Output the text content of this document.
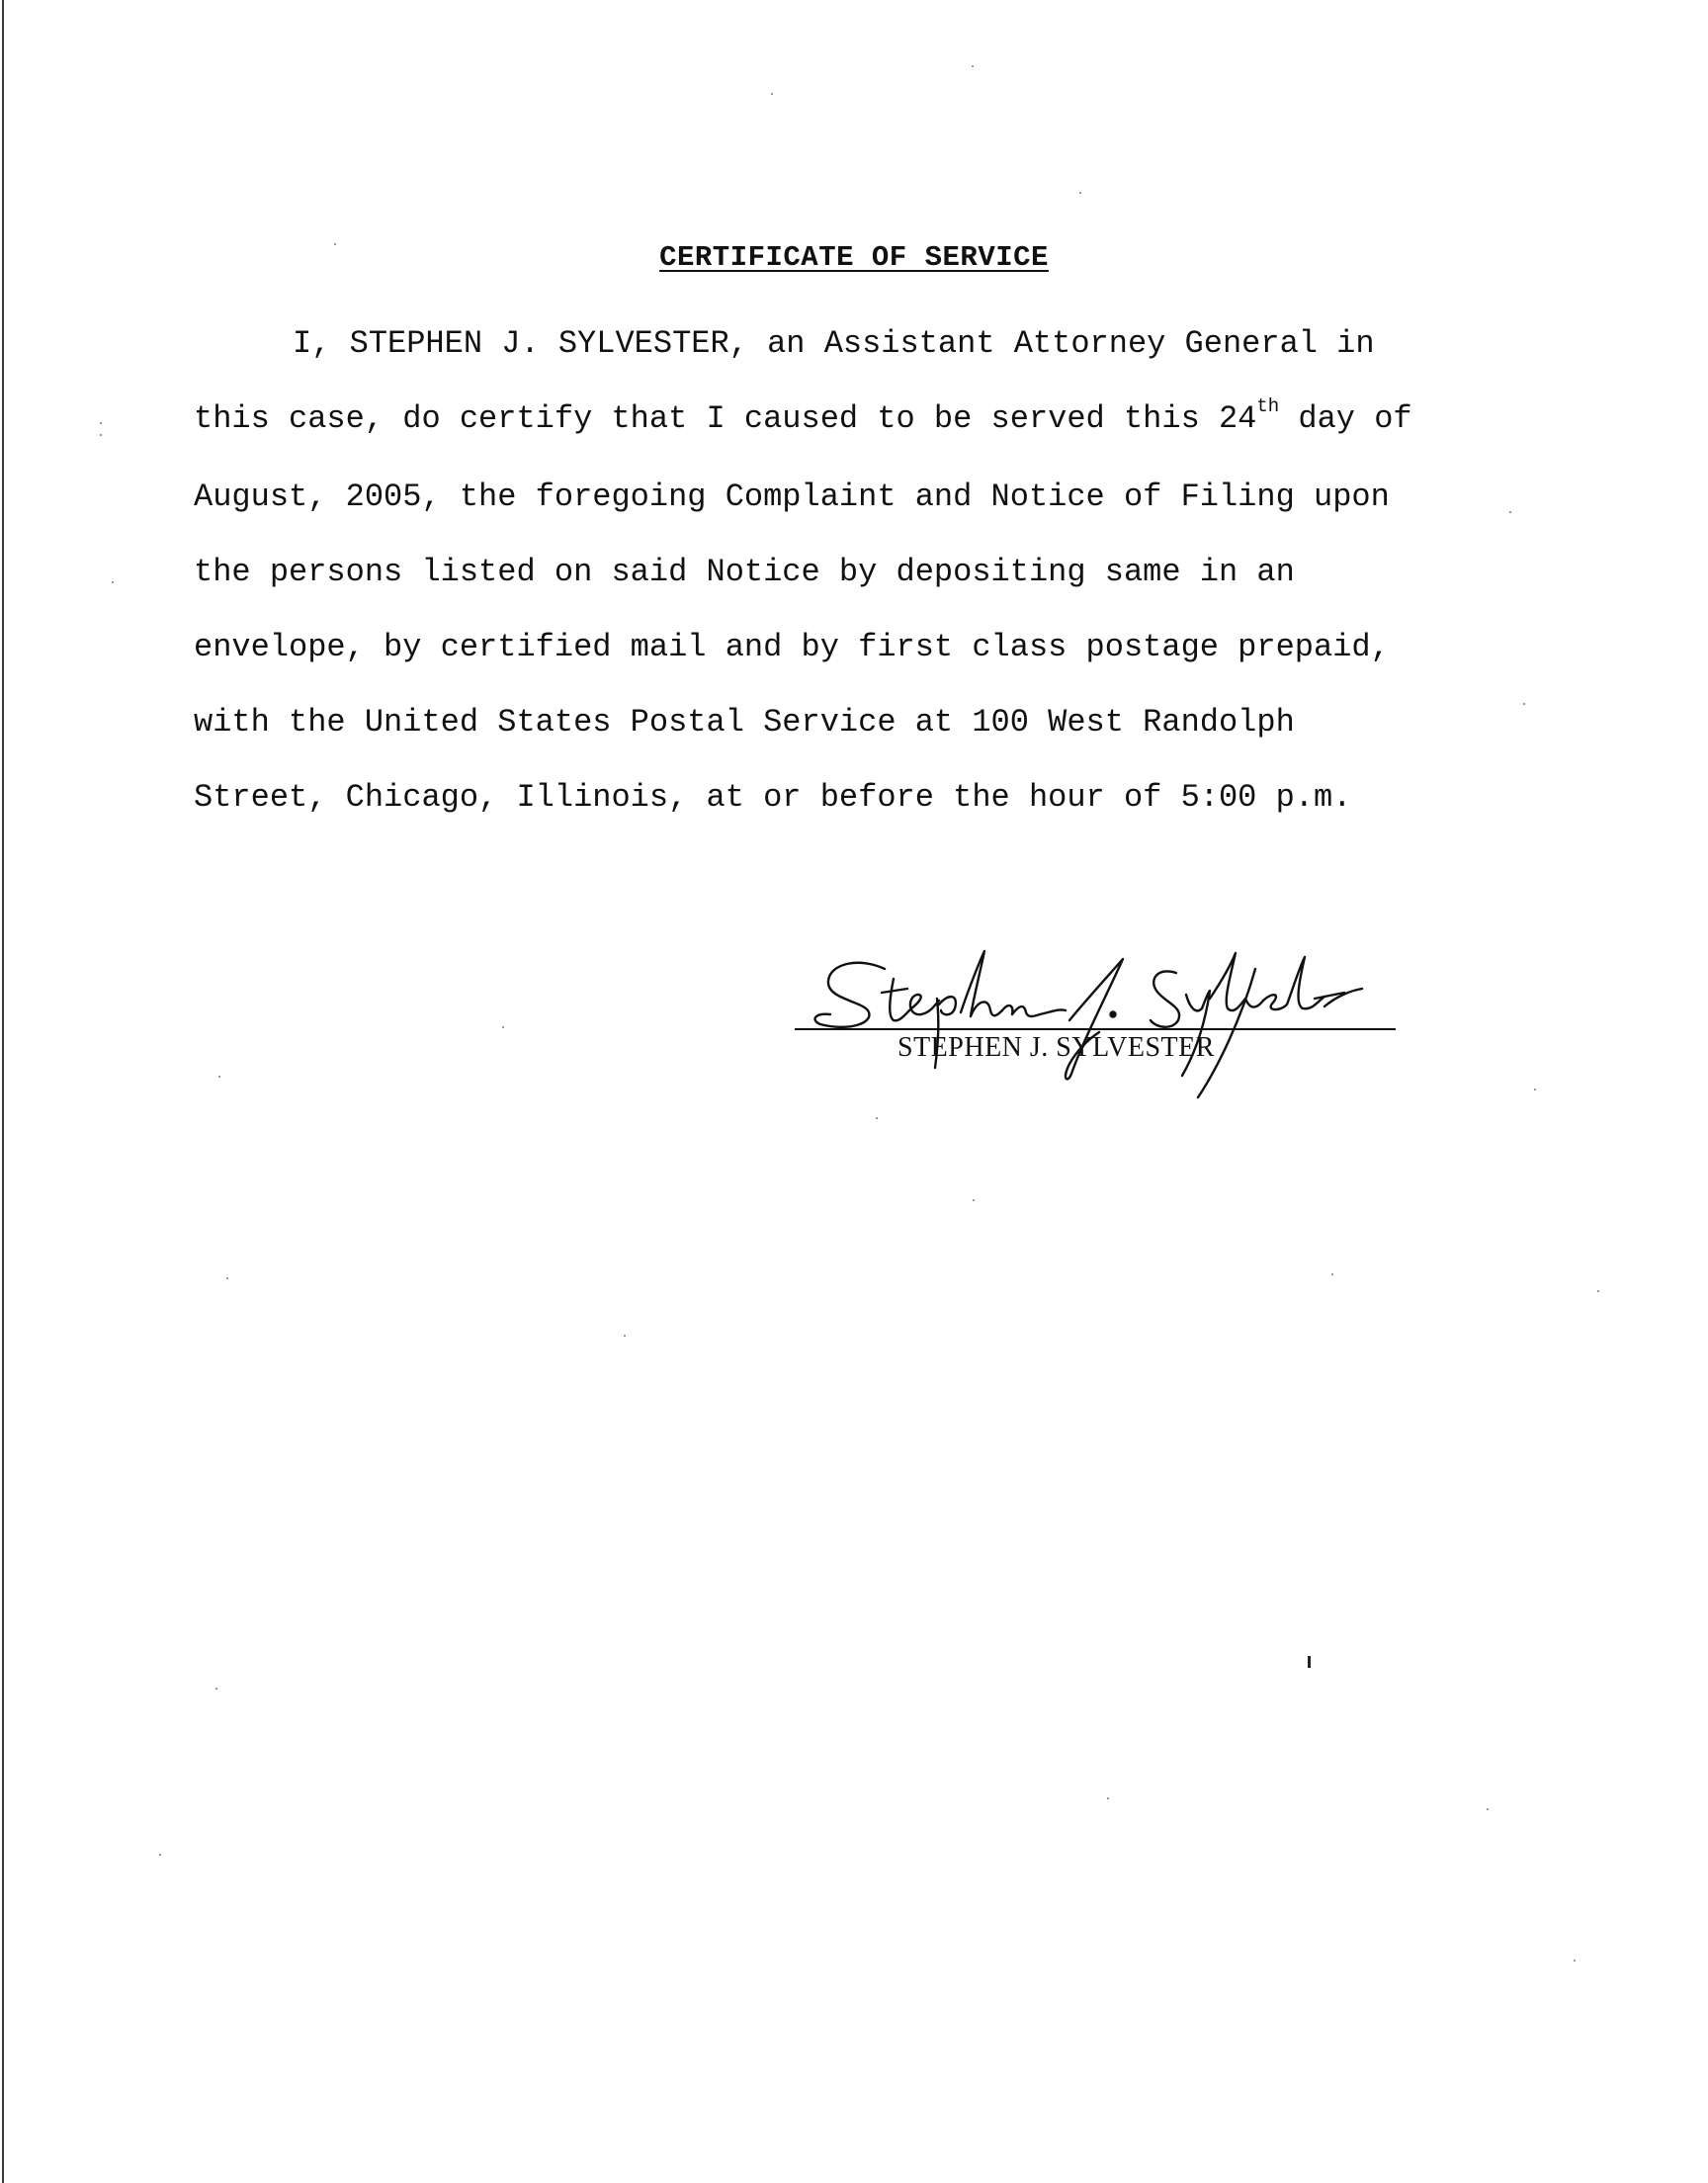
CERTIFICATE OF SERVICE
I, STEPHEN J. SYLVESTER, an Assistant Attorney General in
this case, do certify that I caused to be served this 24th day of
August, 2005, the foregoing Complaint and Notice of Filing upon
the persons listed on said Notice by depositing same in an
envelope, by certified mail and by first class postage prepaid,
with the United States Postal Service at 100 West Randolph
Street, Chicago, Illinois, at or before the hour of 5:00 p.m.
STEPHEN J. SYLVESTER
